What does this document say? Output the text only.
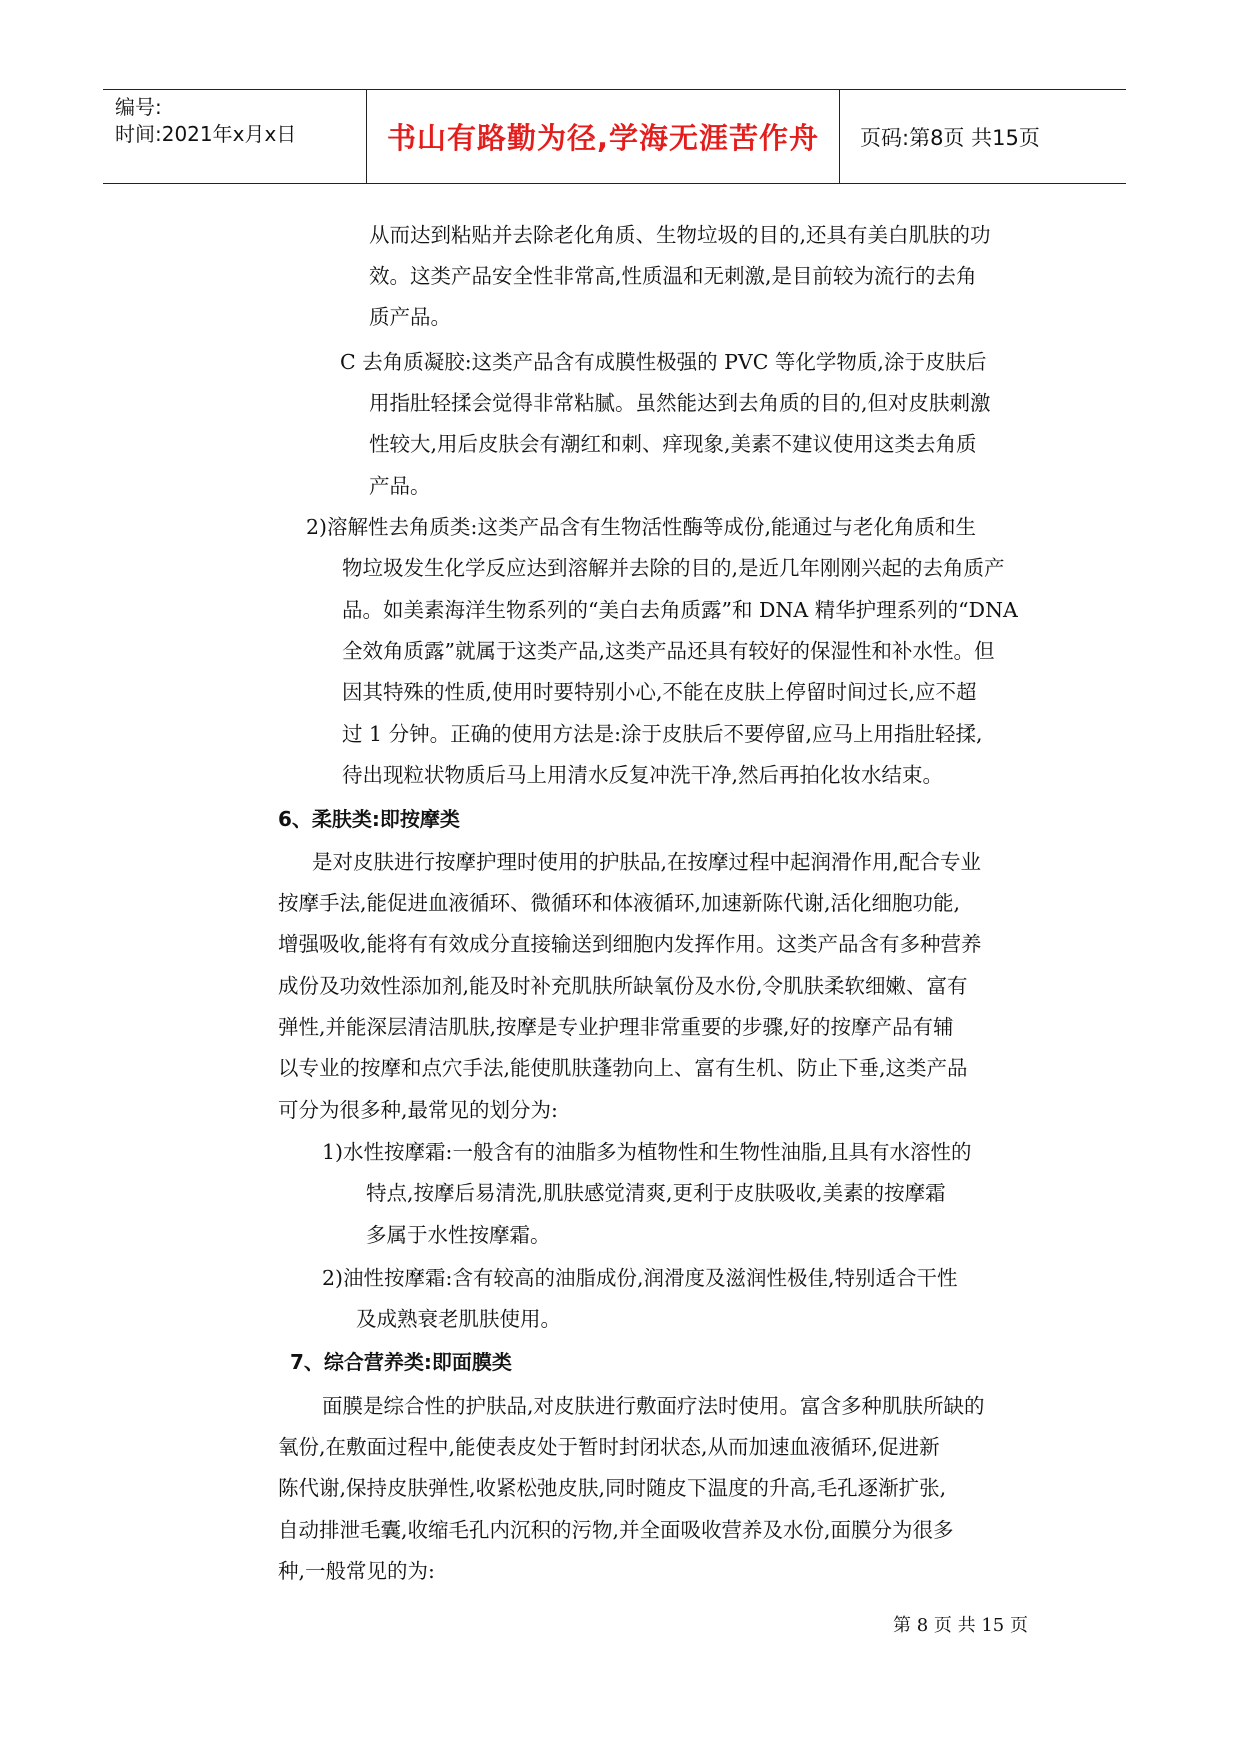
编号:
时间:2021年x月x日	书山有路勤为径,学海无涯苦作舟 页码:第8页 共15页
从而达到粘贴并去除老化角质、生物垃圾的目的,还具有美白肌肤的功
效。这类产品安全性非常高,性质温和无刺激,是目前较为流行的去角
质产品。
C 去角质凝胶:这类产品含有成膜性极强的 PVC 等化学物质,涂于皮肤后
用指肚轻揉会觉得非常粘腻。虽然能达到去角质的目的,但对皮肤刺激
性较大,用后皮肤会有潮红和刺、痒现象,美素不建议使用这类去角质
产品。
2)溶解性去角质类:这类产品含有生物活性酶等成份,能通过与老化角质和生
物垃圾发生化学反应达到溶解并去除的目的,是近几年刚刚兴起的去角质产
品。如美素海洋生物系列的“美白去角质露”和 DNA 精华护理系列的“DNA
全效角质露”就属于这类产品,这类产品还具有较好的保湿性和补水性。但
因其特殊的性质,使用时要特别小心,不能在皮肤上停留时间过长,应不超
过 1 分钟。正确的使用方法是:涂于皮肤后不要停留,应马上用指肚轻揉,
待出现粒状物质后马上用清水反复冲洗干净,然后再拍化妆水结束。
6、柔肤类:即按摩类
是对皮肤进行按摩护理时使用的护肤品,在按摩过程中起润滑作用,配合专业
按摩手法,能促进血液循环、微循环和体液循环,加速新陈代谢,活化细胞功能,
增强吸收,能将有有效成分直接输送到细胞内发挥作用。这类产品含有多种营养
成份及功效性添加剂,能及时补充肌肤所缺氧份及水份,令肌肤柔软细嫩、富有
弹性,并能深层清洁肌肤,按摩是专业护理非常重要的步骤,好的按摩产品有辅
以专业的按摩和点穴手法,能使肌肤蓬勃向上、富有生机、防止下垂,这类产品
可分为很多种,最常见的划分为:
1)水性按摩霜:一般含有的油脂多为植物性和生物性油脂,且具有水溶性的
特点,按摩后易清洗,肌肤感觉清爽,更利于皮肤吸收,美素的按摩霜
多属于水性按摩霜。
2)油性按摩霜:含有较高的油脂成份,润滑度及滋润性极佳,特别适合干性
及成熟衰老肌肤使用。
7、综合营养类:即面膜类
面膜是综合性的护肤品,对皮肤进行敷面疗法时使用。富含多种肌肤所缺的
氧份,在敷面过程中,能使表皮处于暂时封闭状态,从而加速血液循环,促进新
陈代谢,保持皮肤弹性,收紧松弛皮肤,同时随皮下温度的升高,毛孔逐渐扩张,
自动排泄毛囊,收缩毛孔内沉积的污物,并全面吸收营养及水份,面膜分为很多
种,一般常见的为:
第 8 页 共 15 页
